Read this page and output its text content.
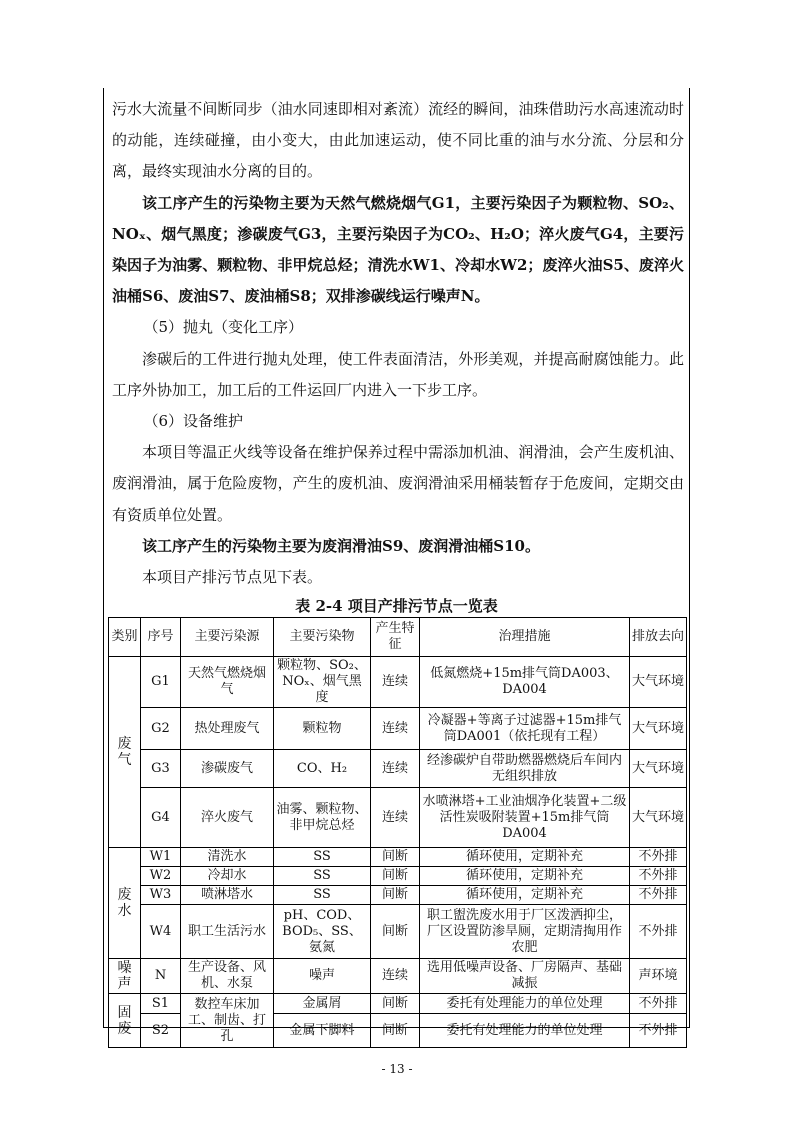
污水大流量不间断同步（油水同速即相对紊流）流经的瞬间，油珠借助污水高速流动时的动能，连续碰撞，由小变大，由此加速运动，使不同比重的油与水分流、分层和分离，最终实现油水分离的目的。

该工序产生的污染物主要为天然气燃烧烟气G1，主要污染因子为颗粒物、SO₂、NOₓ、烟气黑度；渗碳废气G3，主要污染因子为CO₂、H₂O；淬火废气G4，主要污染因子为油雾、颗粒物、非甲烷总烃；清洗水W1、冷却水W2；废淬火油S5、废淬火油桶S6、废油S7、废油桶S8；双排渗碳线运行噪声N。

（5）抛丸（变化工序）

渗碳后的工件进行抛丸处理，使工件表面清洁，外形美观，并提高耐腐蚀能力。此工序外协加工，加工后的工件运回厂内进入一下步工序。

（6）设备维护

本项目等温正火线等设备在维护保养过程中需添加机油、润滑油，会产生废机油、废润滑油，属于危险废物，产生的废机油、废润滑油采用桶装暂存于危废间，定期交由有资质单位处置。

该工序产生的污染物主要为废润滑油S9、废润滑油桶S10。

本项目产排污节点见下表。

表 2-4 项目产排污节点一览表
类别	序号	主要污染源	主要污染物	产生特征	治理措施	排放去向
废气	G1	天然气燃烧烟气	颗粒物、SO₂、NOₓ、烟气黑度	连续	低氮燃烧+15m排气筒DA003、DA004	大气环境
	G2	热处理废气	颗粒物	连续	冷凝器+等离子过滤器+15m排气筒DA001（依托现有工程）	大气环境
	G3	渗碳废气	CO、H₂	连续	经渗碳炉自带助燃器燃烧后车间内无组织排放	大气环境
	G4	淬火废气	油雾、颗粒物、非甲烷总烃	连续	水喷淋塔+工业油烟净化装置+二级活性炭吸附装置+15m排气筒DA004	大气环境
废水	W1	清洗水	SS	间断	循环使用，定期补充	不外排
	W2	冷却水	SS	间断	循环使用，定期补充	不外排
	W3	喷淋塔水	SS	间断	循环使用，定期补充	不外排
	W4	职工生活污水	pH、COD、BOD₅、SS、氨氮	间断	职工盥洗废水用于厂区泼洒抑尘，厂区设置防渗旱厕，定期清掏用作农肥	不外排
噪声	N	生产设备、风机、水泵	噪声	连续	选用低噪声设备、厂房隔声、基础减振	声环境
固废	S1	数控车床加工、制齿、打孔	金属屑	间断	委托有处理能力的单位处理	不外排
	S2		金属下脚料	间断	委托有处理能力的单位处理	不外排
- 13 -
